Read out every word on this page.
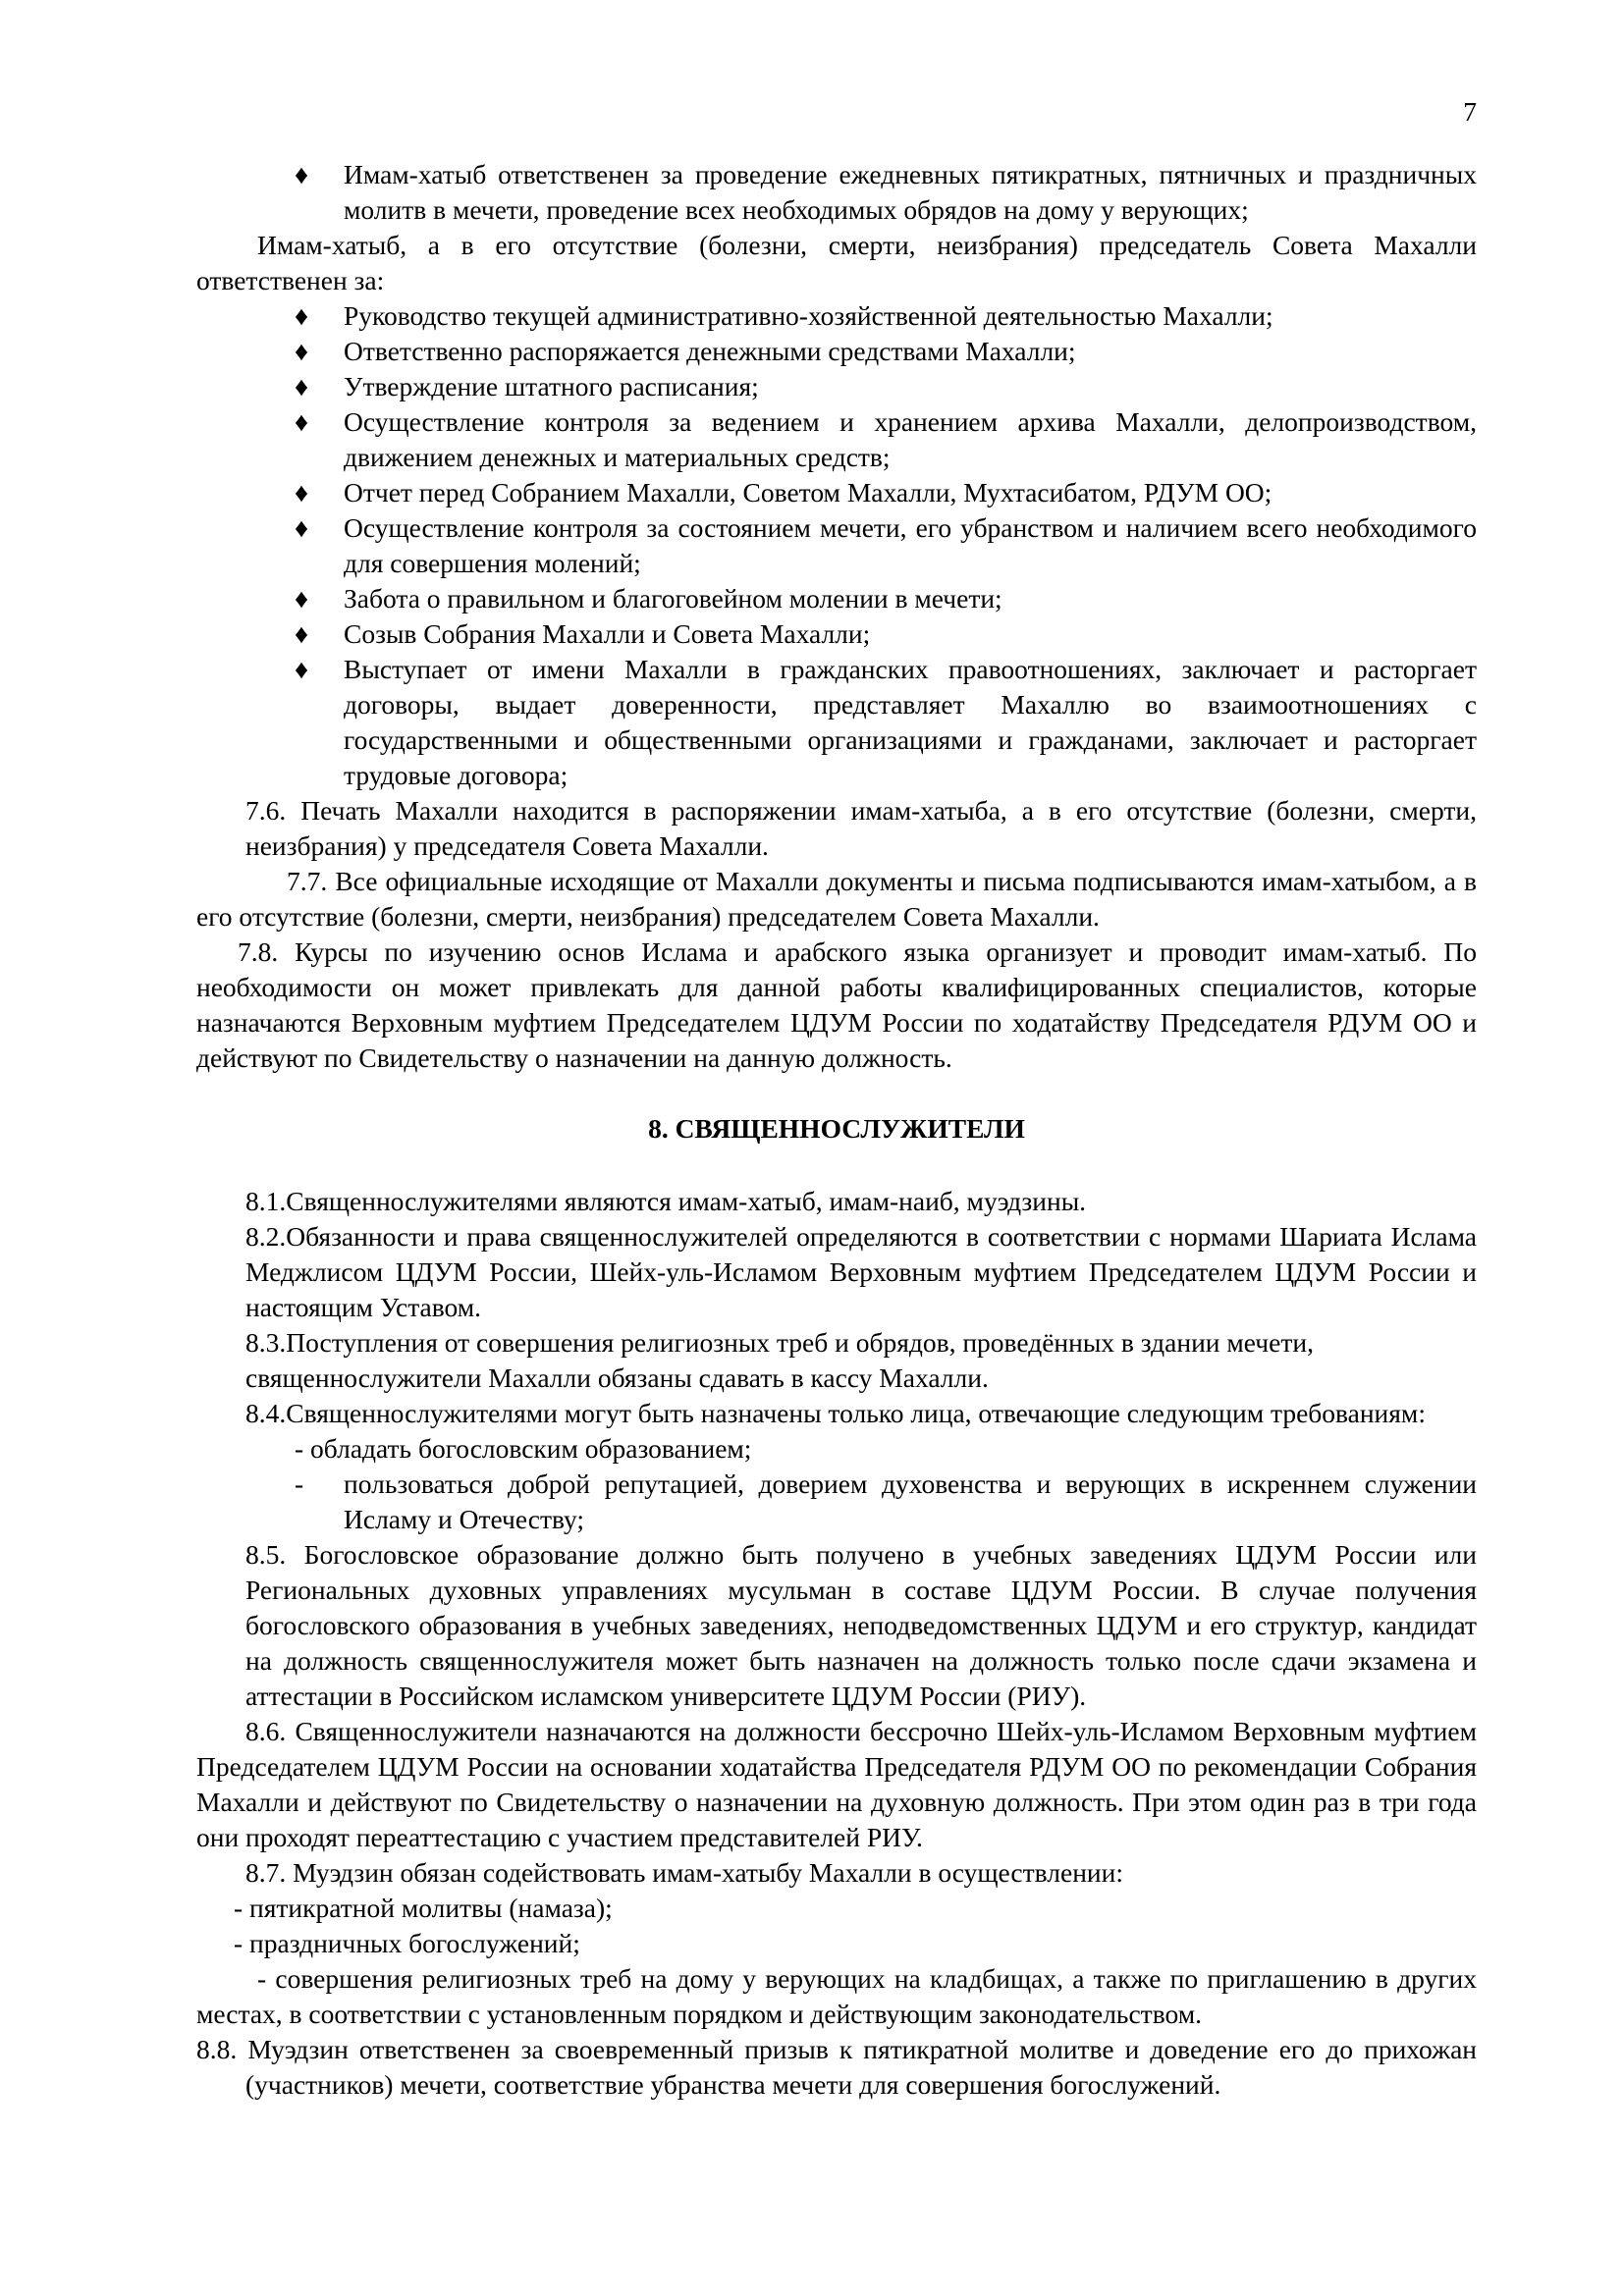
7
♦ Имам-хатыб ответственен за проведение ежедневных пятикратных, пятничных и праздничных молитв в мечети, проведение всех необходимых обрядов на дому у верующих;
Имам-хатыб, а в его отсутствие (болезни, смерти, неизбрания) председатель Совета Махалли ответственен за:
♦ Руководство текущей административно-хозяйственной деятельностью Махалли;
♦ Ответственно распоряжается денежными средствами Махалли;
♦ Утверждение штатного расписания;
♦ Осуществление контроля за ведением и хранением архива Махалли, делопроизводством, движением денежных и материальных средств;
♦ Отчет перед Собранием Махалли, Советом Махалли, Мухтасибатом, РДУМ ОО;
♦ Осуществление контроля за состоянием мечети, его убранством и наличием всего необходимого для совершения молений;
♦ Забота о правильном и благоговейном молении в мечети;
♦ Созыв Собрания Махалли и Совета Махалли;
♦ Выступает от имени Махалли в гражданских правоотношениях, заключает и расторгает договоры, выдает доверенности, представляет Махаллю во взаимоотношениях с государственными и общественными организациями и гражданами, заключает и расторгает трудовые договора;
7.6. Печать Махалли находится в распоряжении имам-хатыба, а в его отсутствие (болезни, смерти, неизбрания) у председателя Совета Махалли.
7.7. Все официальные исходящие от Махалли документы и письма подписываются имам-хатыбом, а в его отсутствие (болезни, смерти, неизбрания) председателем Совета Махалли.
7.8. Курсы по изучению основ Ислама и арабского языка организует и проводит имам-хатыб. По необходимости он может привлекать для данной работы квалифицированных специалистов, которые назначаются Верховным муфтием Председателем ЦДУМ России по ходатайству Председателя РДУМ ОО и действуют по Свидетельству о назначении на данную должность.
8. СВЯЩЕННОСЛУЖИТЕЛИ
8.1.Священнослужителями являются имам-хатыб, имам-наиб, муэдзины.
8.2.Обязанности и права священнослужителей определяются в соответствии с нормами Шариата Ислама Меджлисом ЦДУМ России, Шейх-уль-Исламом Верховным муфтием Председателем ЦДУМ России и настоящим Уставом.
8.3.Поступления от совершения религиозных треб и обрядов, проведённых в здании мечети,
священнослужители Махалли обязаны сдавать в кассу Махалли.
8.4.Священнослужителями могут быть назначены только лица, отвечающие следующим требованиям:
- обладать богословским образованием;
- пользоваться доброй репутацией, доверием духовенства и верующих в искреннем служении Исламу и Отечеству;
8.5. Богословское образование должно быть получено в учебных заведениях ЦДУМ России или Региональных духовных управлениях мусульман в составе ЦДУМ России. В случае получения богословского образования в учебных заведениях, неподведомственных ЦДУМ и его структур, кандидат на должность священнослужителя может быть назначен на должность только после сдачи экзамена и аттестации в Российском исламском университете ЦДУМ России (РИУ).
8.6. Священнослужители назначаются на должности бессрочно Шейх-уль-Исламом Верховным муфтием Председателем ЦДУМ России на основании ходатайства Председателя РДУМ ОО по рекомендации Собрания Махалли и действуют по Свидетельству о назначении на духовную должность. При этом один раз в три года они проходят переаттестацию с участием представителей РИУ.
8.7. Муэдзин обязан содействовать имам-хатыбу Махалли в осуществлении:
- пятикратной молитвы (намаза);
- праздничных богослужений;
- совершения религиозных треб на дому у верующих на кладбищах, а также по приглашению в других местах, в соответствии с установленным порядком и действующим законодательством.
8.8. Муэдзин ответственен за своевременный призыв к пятикратной молитве и доведение его до прихожан (участников) мечети, соответствие убранства мечети для совершения богослужений.
